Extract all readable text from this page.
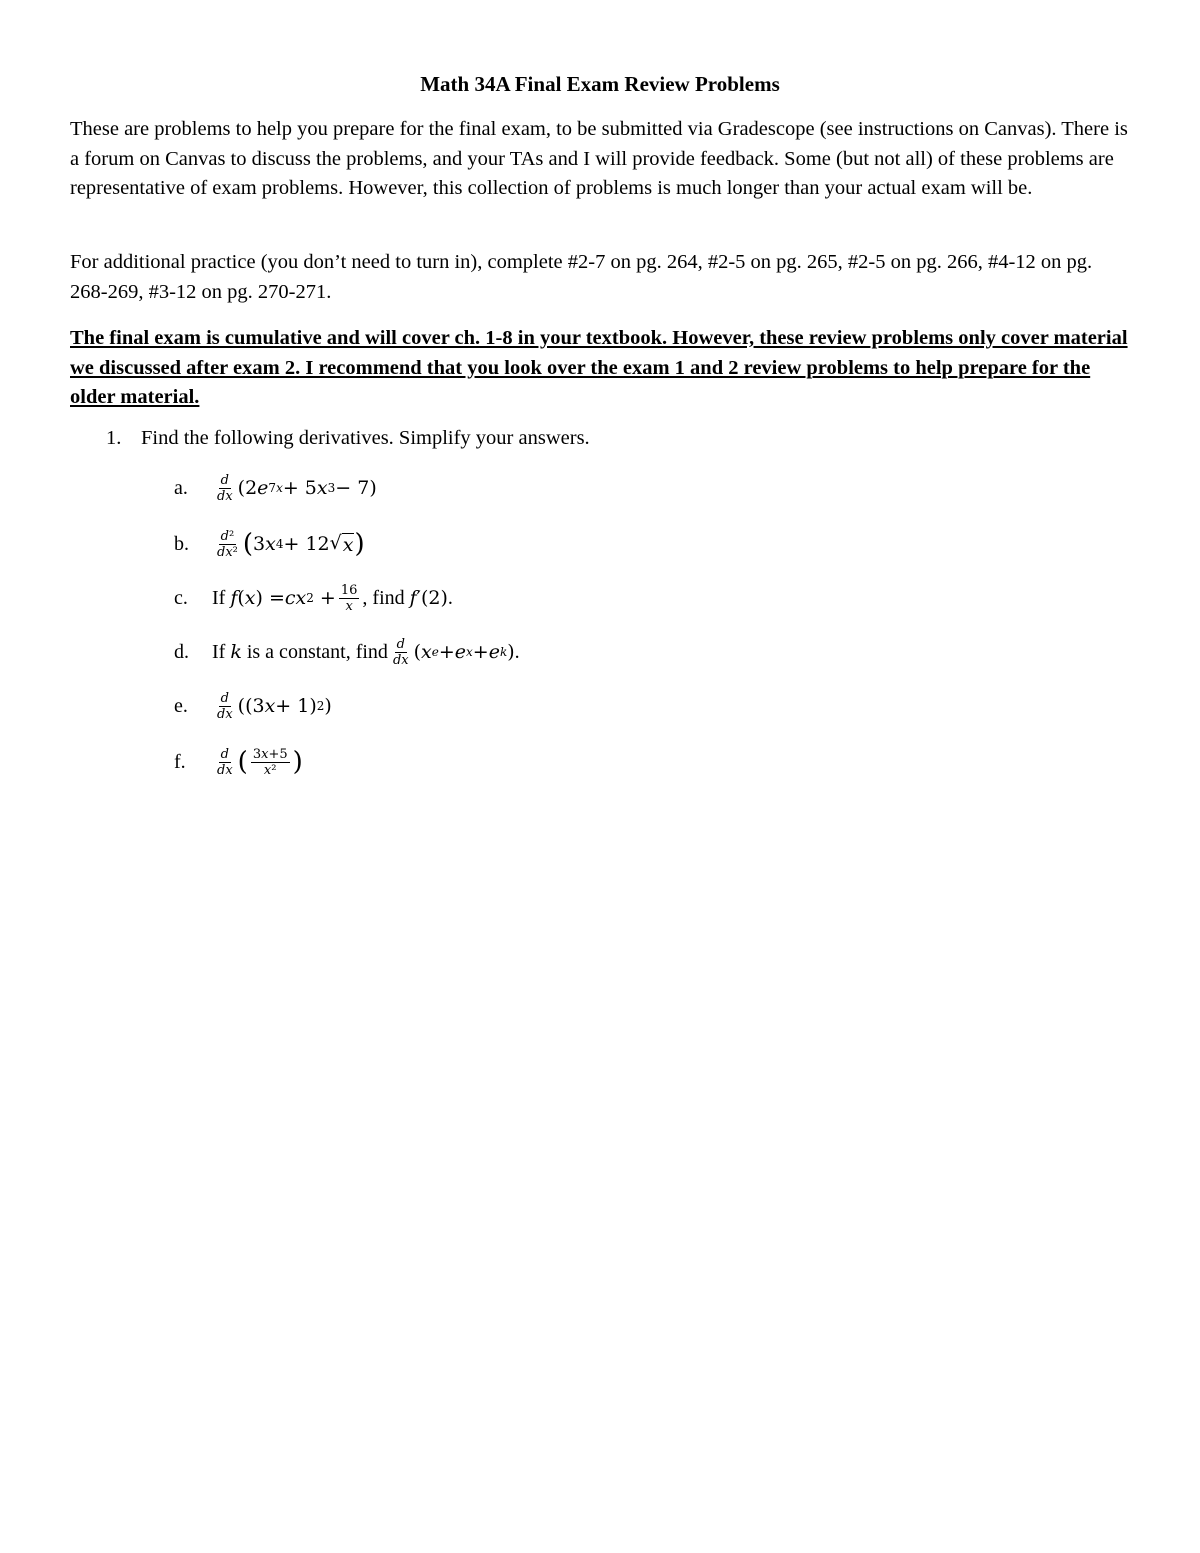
Math 34A Final Exam Review Problems

These are problems to help you prepare for the final exam, to be submitted via Gradescope (see instructions on Canvas). There is a forum on Canvas to discuss the problems, and your TAs and I will provide feedback. Some (but not all) of these problems are representative of exam problems. However, this collection of problems is much longer than your actual exam will be.

For additional practice (you don’t need to turn in), complete #2-7 on pg. 264, #2-5 on pg. 265, #2-5 on pg. 266, #4-12 on pg. 268-269, #3-12 on pg. 270-271.

The final exam is cumulative and will cover ch. 1-8 in your textbook. However, these review problems only cover material we discussed after exam 2. I recommend that you look over the exam 1 and 2 review problems to help prepare for the older material.

1. Find the following derivatives. Simplify your answers.
a.	$\frac{d}{dx} (2$ e 7x + 5 x 3 − 7)
b.	$\frac{\text{d²}}{\text{dx²}}$ ( 3 x 4 + 12 √ x )
c.	If
f ( x ) = cx $2 + \frac{16}{x}$ , find
f ′(2) .
d.	If
k
is a constant, find $\frac{d}{dx}$ ( x e + e x + e k ) .
e.	$\frac{d}{dx} ((3$ x + 1) 2 )
f.	$\frac{d}{dx}$ ( $\frac{3x+5}{\text{x²}}$ )
